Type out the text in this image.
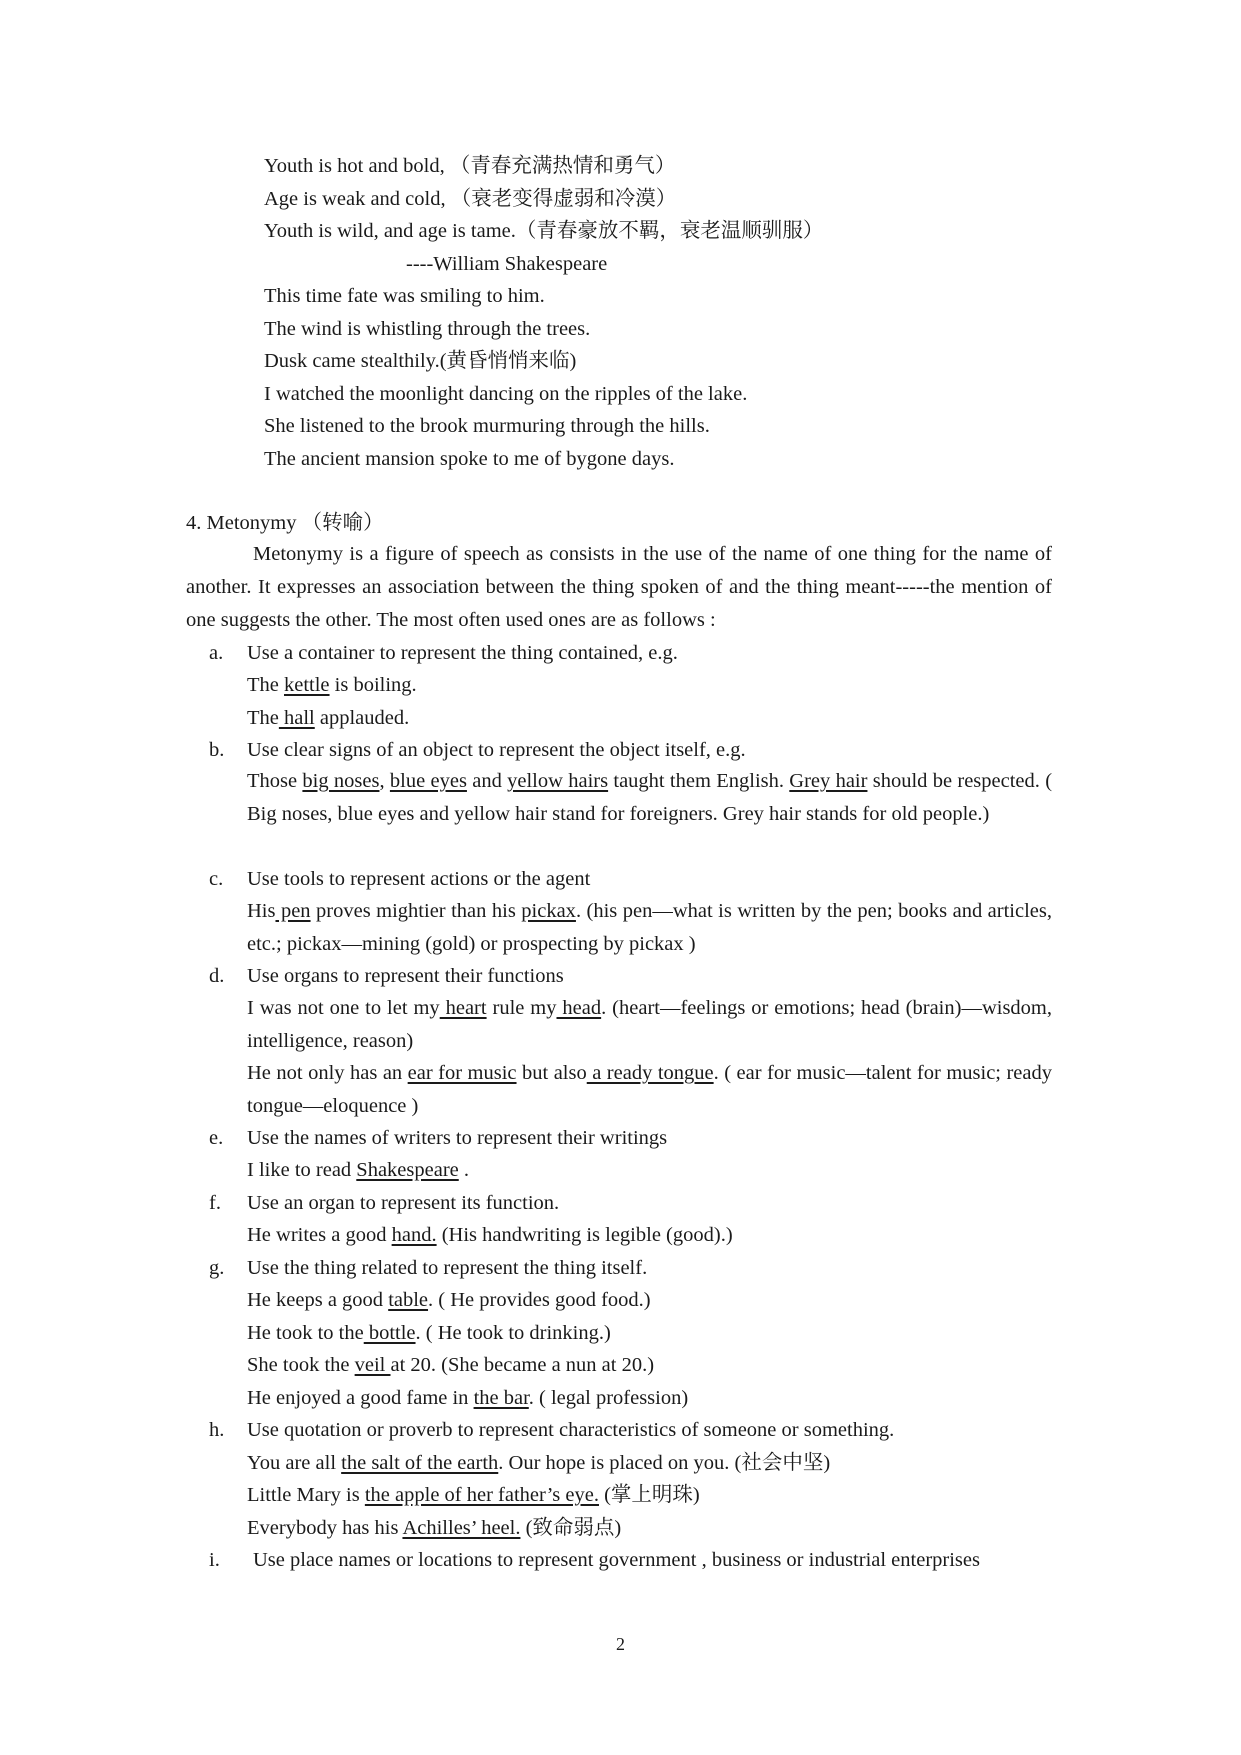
Youth is hot and bold, （青春充满热情和勇气）
Age is weak and cold, （衰老变得虚弱和冷漠）
Youth is wild, and age is tame.（青春豪放不羁，衰老温顺驯服）
----William Shakespeare
This time fate was smiling to him.
The wind is whistling through the trees.
Dusk came stealthily.(黄昏悄悄来临)
I watched the moonlight dancing on the ripples of the lake.
She listened to the brook murmuring through the hills.
The ancient mansion spoke to me of bygone days.
4. Metonymy （转喻）
Metonymy is a figure of speech as consists in the use of the name of one thing for the name of another. It expresses an association between the thing spoken of and the thing meant-----the mention of one suggests the other. The most often used ones are as follows :
a.	Use a container to represent the thing contained, e.g.
The kettle is boiling.
The hall applauded.
b.	Use clear signs of an object to represent the object itself, e.g.
Those big noses, blue eyes and yellow hairs taught them English. Grey hair should be respected. ( Big noses, blue eyes and yellow hair stand for foreigners. Grey hair stands for old people.)
c.	Use tools to represent actions or the agent
His pen proves mightier than his pickax. (his pen—what is written by the pen; books and articles, etc.; pickax—mining (gold) or prospecting by pickax )
d.	Use organs to represent their functions
I was not one to let my heart rule my head. (heart—feelings or emotions; head (brain)—wisdom, intelligence, reason)
He not only has an ear for music but also a ready tongue. ( ear for music—talent for music; ready tongue—eloquence )
e.	Use the names of writers to represent their writings
I like to read Shakespeare .
f.	Use an organ to represent its function.
He writes a good hand. (His handwriting is legible (good).)
g.	Use the thing related to represent the thing itself.
He keeps a good table. ( He provides good food.)
He took to the bottle. ( He took to drinking.)
She took the veil at 20. (She became a nun at 20.)
He enjoyed a good fame in the bar. ( legal profession)
h.	Use quotation or proverb to represent characteristics of someone or something.
You are all the salt of the earth. Our hope is placed on you. (社会中坚)
Little Mary is the apple of her father’s eye. (掌上明珠)
Everybody has his Achilles’ heel. (致命弱点)
i.	Use place names or locations to represent government , business or industrial enterprises
2
